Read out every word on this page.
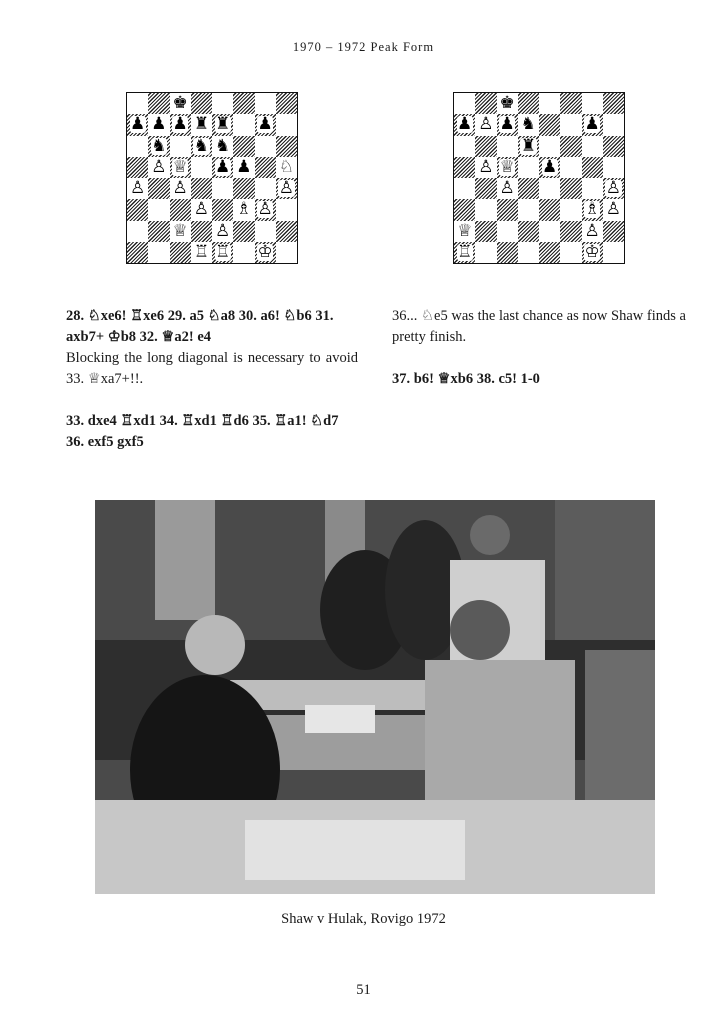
1970 – 1972 Peak Form
♚
♟ ♟ ♟ ♜ ♜ ♟
♞ ♞ ♞
♙ ♕ ♟ ♟ ♘
♙ ♙	♙
♙ ♗ ♙
♕ ♙
♖ ♖ ♔
♚
♟ ♙ ♟ ♞	♟
♜
♙ ♕ ♟
♙	♙
♗ ♙
♕	♙
♖	♔

28. ♘xe6! ♖xe6 29. a5 ♘a8 30. a6! ♘b6 31. axb7+ ♔b8 32. ♕a2! e4

Blocking the long diagonal is necessary to avoid 33. ♕xa7+!!.

33. dxe4 ♖xd1 34. ♖xd1 ♖d6 35. ♖a1! ♘d7 36. exf5 gxf5

36... ♘e5 was the last chance as now Shaw finds a pretty finish.

37. b6! ♕xb6 38. c5! 1-0

Shaw v Hulak, Rovigo 1972
51
